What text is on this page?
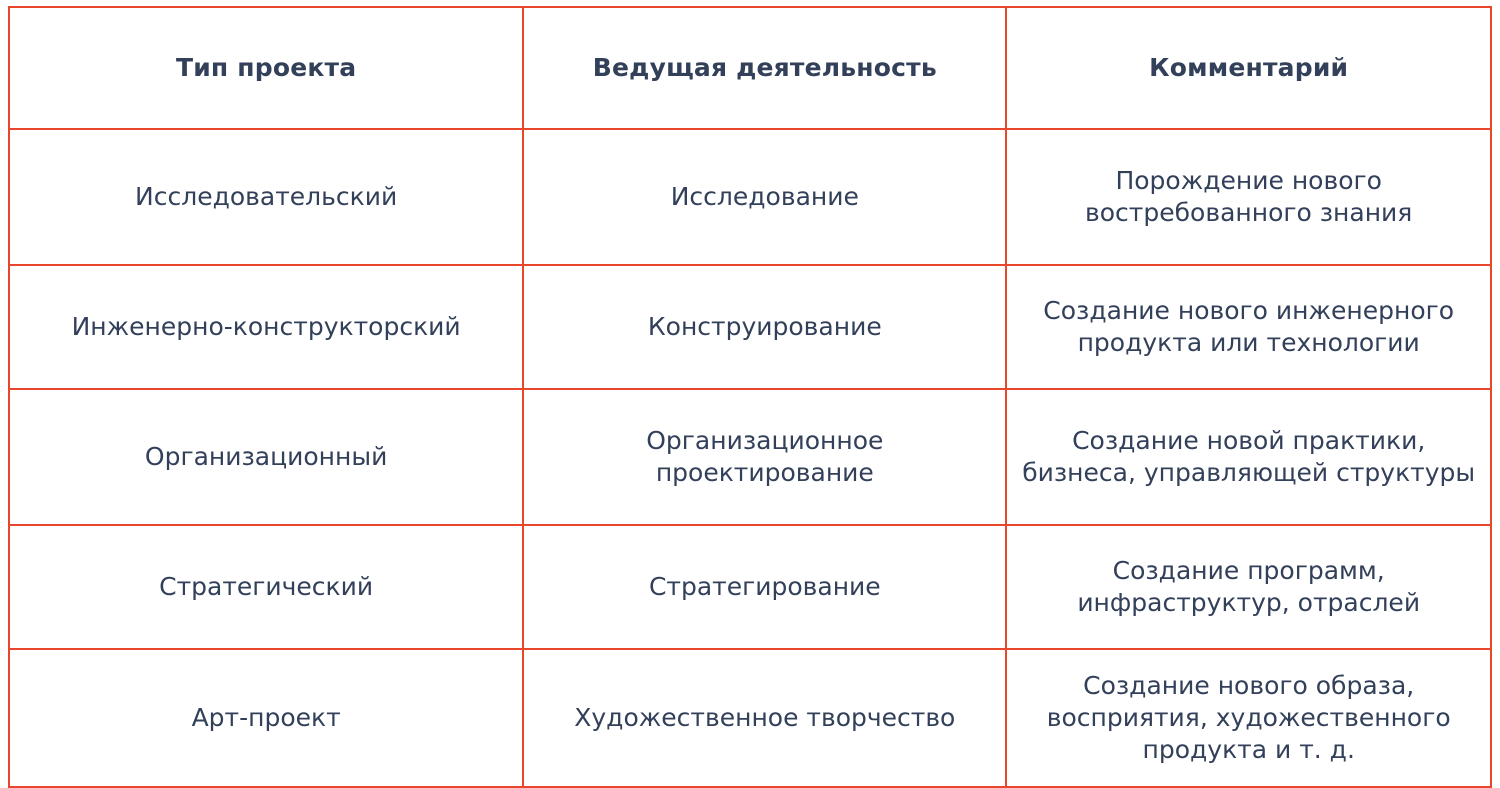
Тип проекта	Ведущая деятельность	Комментарий

Исследовательский	Исследование	Порождение нового востребованного знания

Инженерно-конструкторский	Конструирование	Создание нового инженерного продукта или технологии

Организационный	Организационное проектирование	Создание новой практики, бизнеса, управляющей структуры

Стратегический	Стратегирование	Создание программ, инфраструктур, отраслей

Арт-проект	Художественное творчество	Создание нового образа, восприятия, художественного продукта и т. д.
